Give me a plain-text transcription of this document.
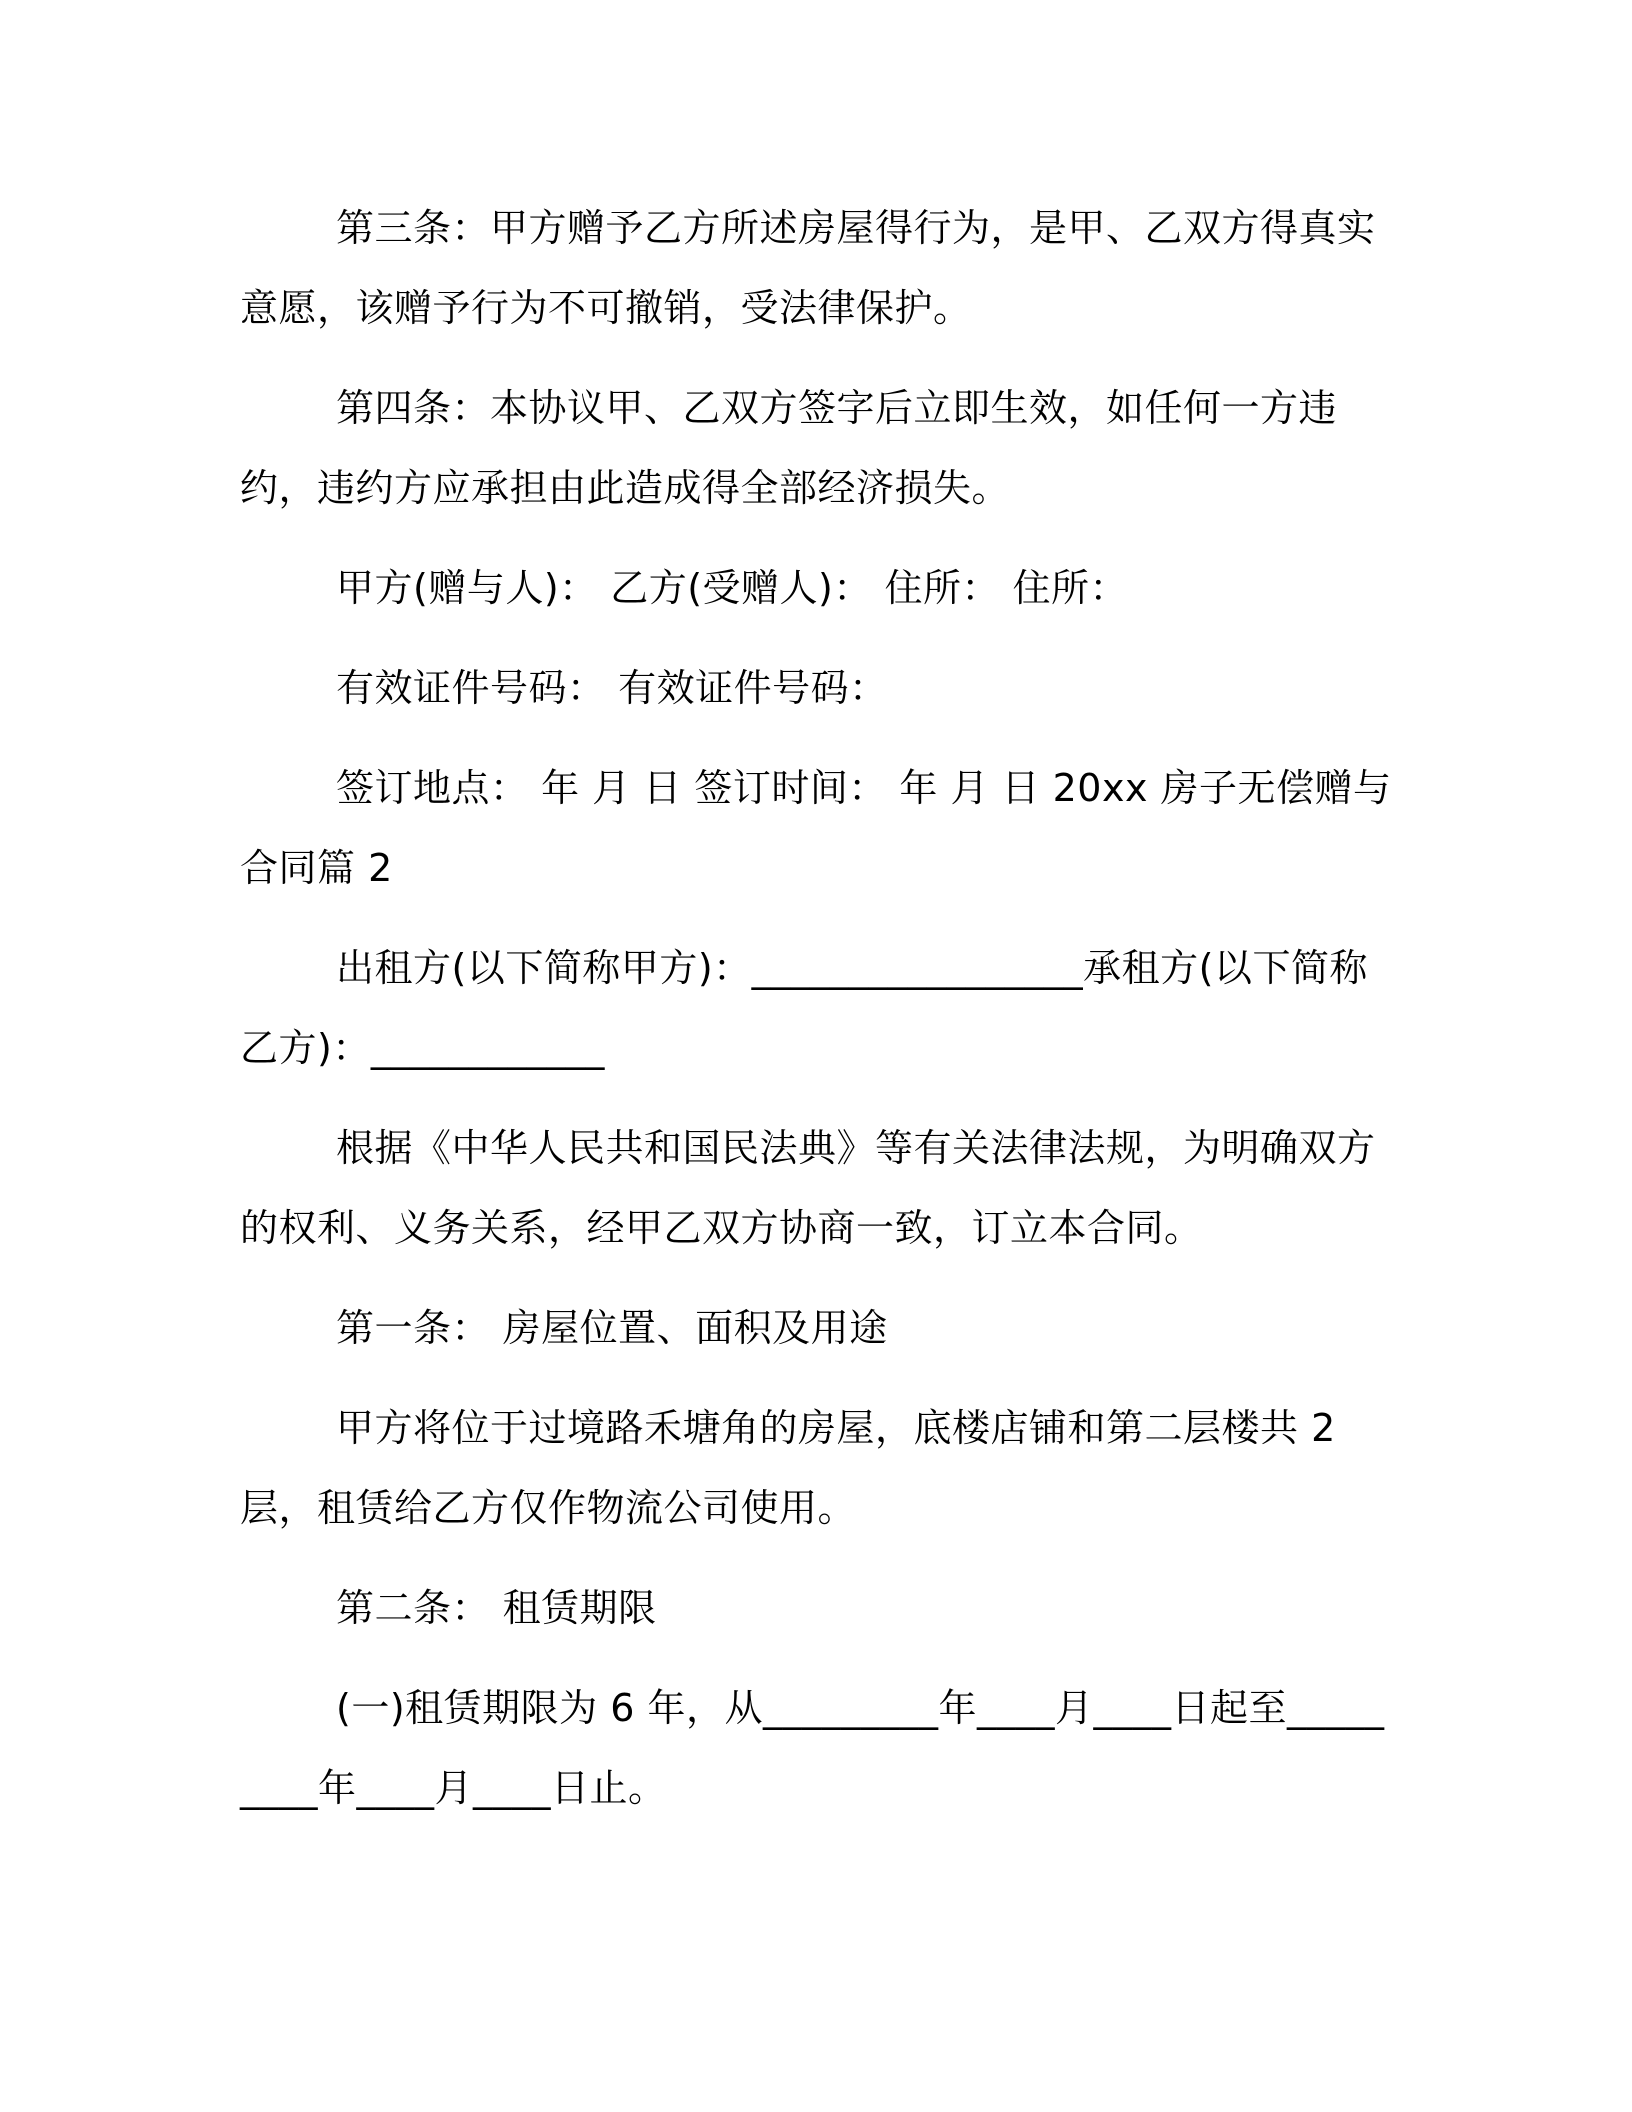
第三条：甲方赠予乙方所述房屋得行为，是甲、乙双方得真实意愿，该赠予行为不可撤销，受法律保护。

第四条：本协议甲、乙双方签字后立即生效，如任何一方违约，违约方应承担由此造成得全部经济损失。

甲方(赠与人)： 乙方(受赠人)： 住所： 住所：

有效证件号码： 有效证件号码：

签订地点： 年 月 日 签订时间： 年 月 日 20xx 房子无偿赠与合同篇 2

出租方(以下简称甲方)：_________________承租方(以下简称乙方)：____________

根据《中华人民共和国民法典》等有关法律法规，为明确双方的权利、义务关系，经甲乙双方协商一致，订立本合同。

第一条： 房屋位置、面积及用途

甲方将位于过境路禾塘角的房屋，底楼店铺和第二层楼共 2 层，租赁给乙方仅作物流公司使用。

第二条： 租赁期限

(一)租赁期限为 6 年，从_________年____月____日起至_________年____月____日止。
